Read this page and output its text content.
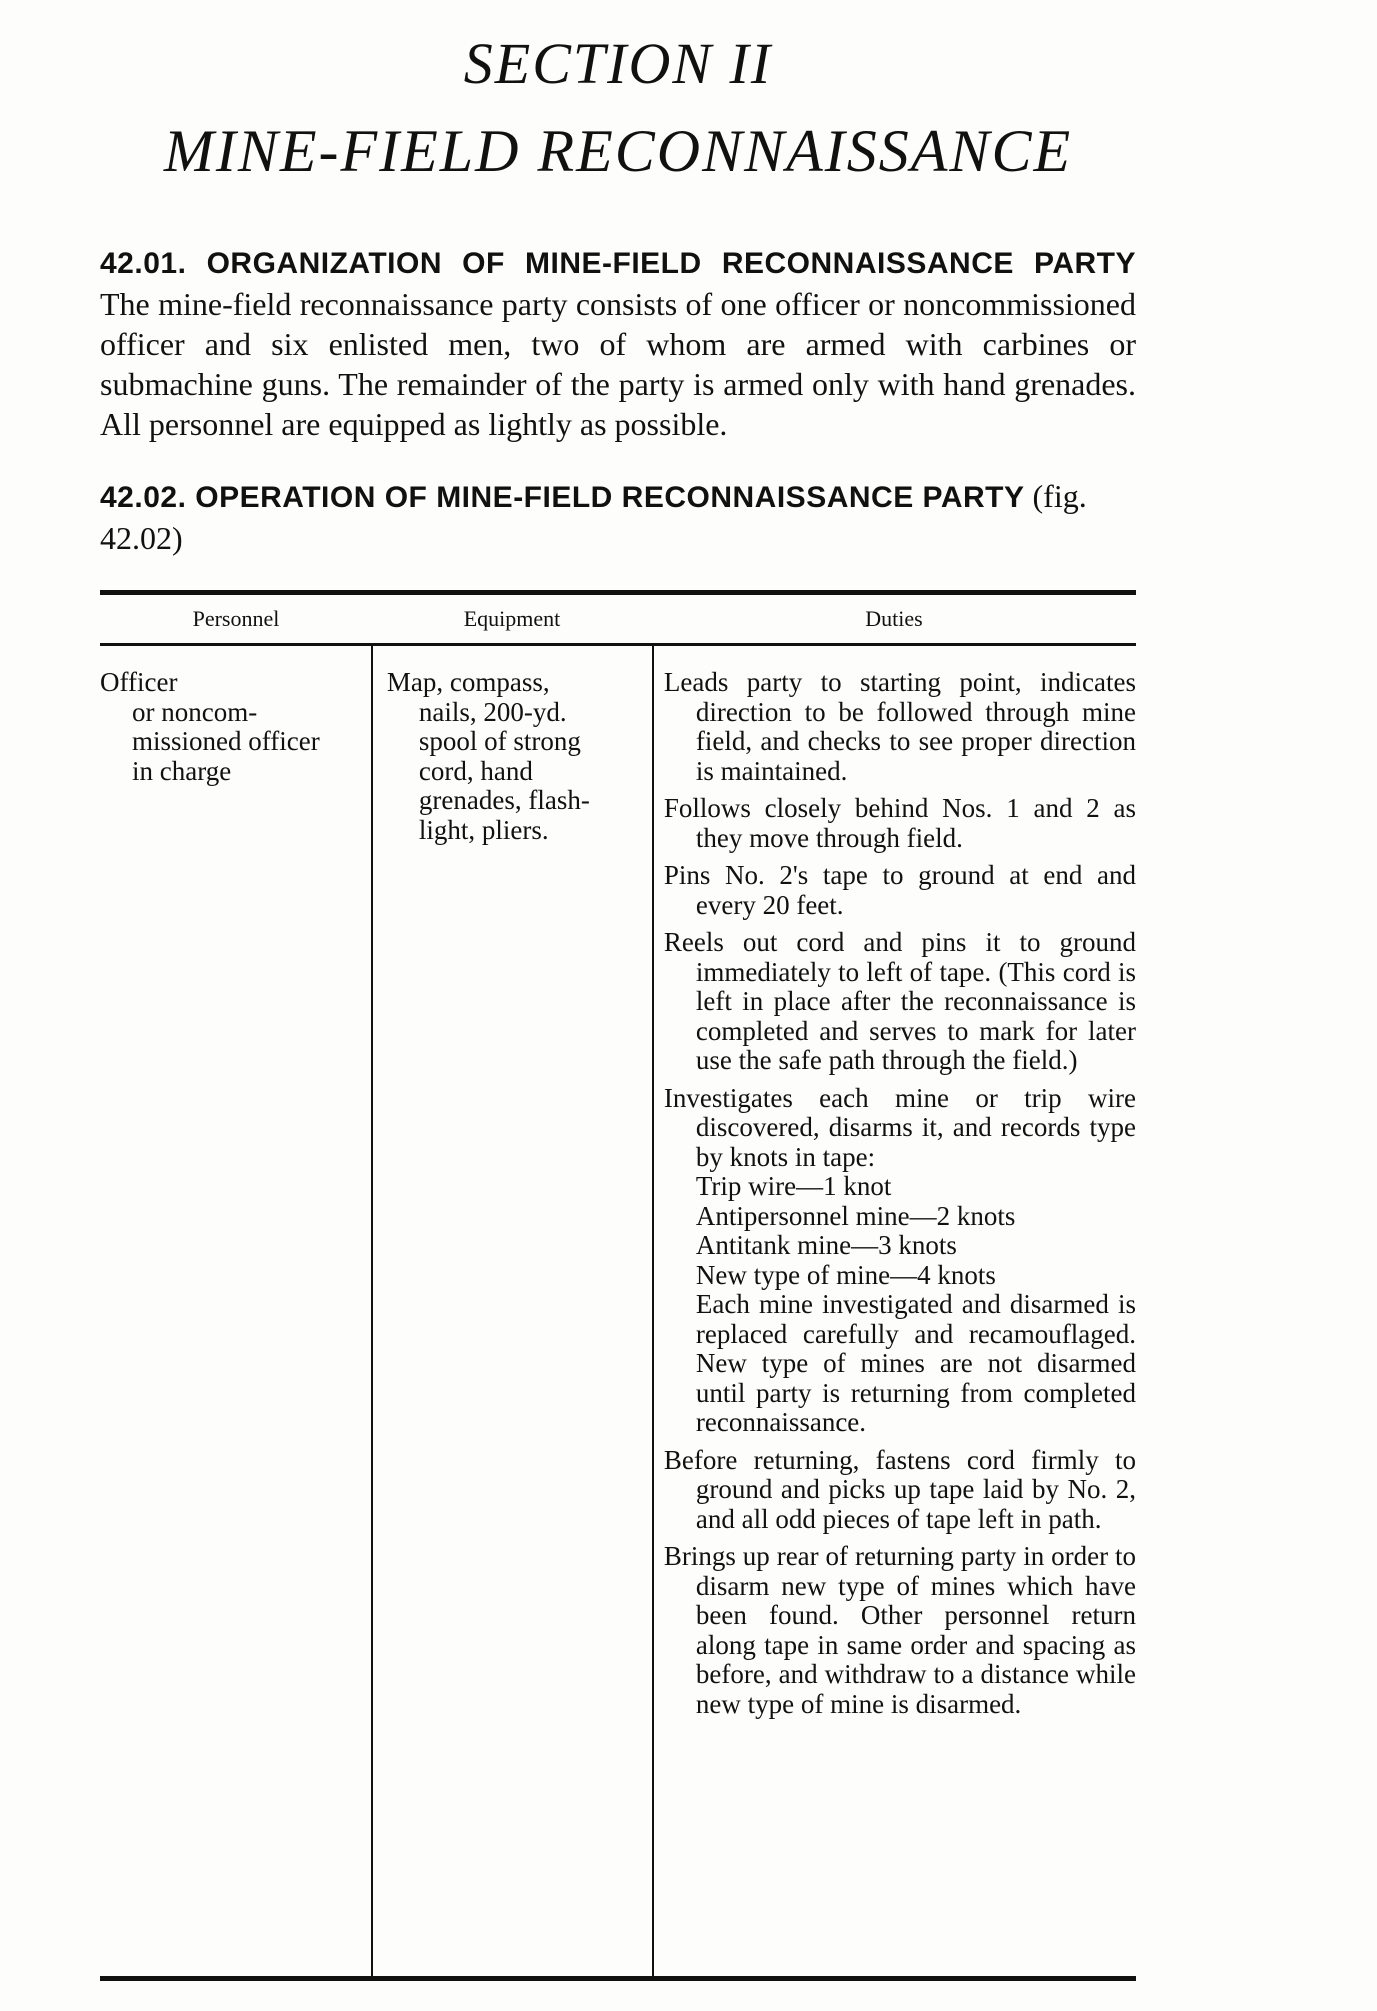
SECTION II
MINE-FIELD RECONNAISSANCE

42.01. ORGANIZATION OF MINE-FIELD RECONNAISSANCE PARTY The mine-field reconnaissance party consists of one officer or noncommissioned officer and six enlisted men, two of whom are armed with carbines or submachine guns. The remainder of the party is armed only with hand grenades. All personnel are equipped as lightly as possible.

42.02. OPERATION OF MINE-FIELD RECONNAISSANCE PARTY (fig. 42.02)

Personnel	Equipment	Duties
Officer
or noncom-
missioned officer
in charge
Map, compass,
nails, 200-yd.
spool of strong
cord, hand
grenades, flash-
light, pliers.
Leads party to starting point, indicates direction to be followed through mine field, and checks to see proper direction is maintained.
Follows closely behind Nos. 1 and 2 as they move through field.
Pins No. 2's tape to ground at end and every 20 feet.
Reels out cord and pins it to ground immediately to left of tape. (This cord is left in place after the reconnaissance is completed and serves to mark for later use the safe path through the field.)
Investigates each mine or trip wire discovered, disarms it, and records type by knots in tape:
Trip wire—1 knot
Antipersonnel mine—2 knots
Antitank mine—3 knots
New type of mine—4 knots
Each mine investigated and disarmed is replaced carefully and recamouflaged. New type of mines are not disarmed until party is returning from completed reconnaissance.
Before returning, fastens cord firmly to ground and picks up tape laid by No. 2, and all odd pieces of tape left in path.
Brings up rear of returning party in order to disarm new type of mines which have been found. Other personnel return along tape in same order and spacing as before, and withdraw to a distance while new type of mine is disarmed.
